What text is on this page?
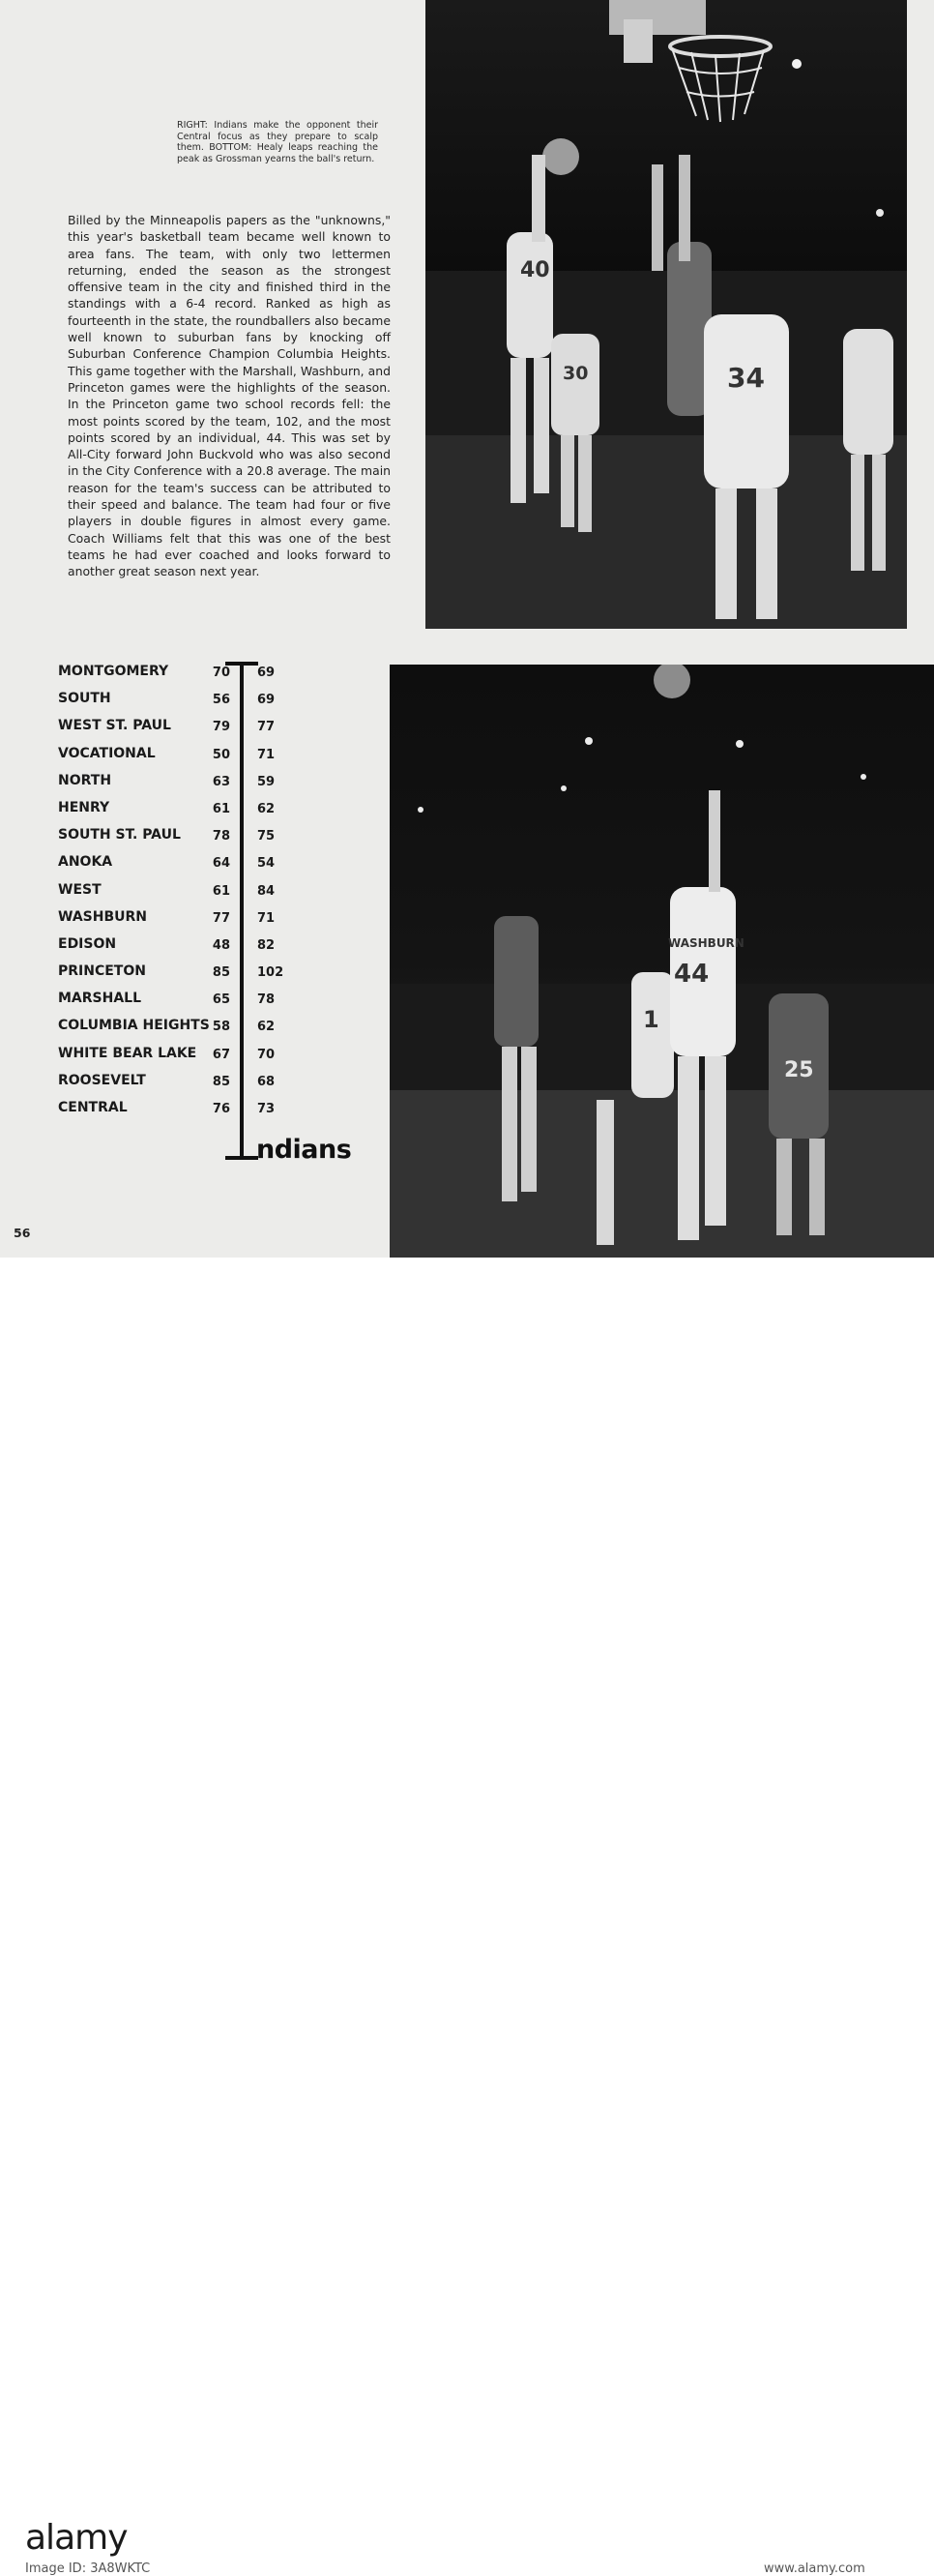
40
30	34
1
WASHBURN
44
25
RIGHT: Indians make the opponent their Central focus as they prepare to scalp them. BOTTOM: Healy leaps reaching the peak as Grossman yearns the ball's return.
Billed by the Minneapolis papers as the "unknowns," this year's basketball team became well known to area fans. The team, with only two lettermen returning, ended the season as the strongest offensive team in the city and finished third in the standings with a 6-4 record. Ranked as high as fourteenth in the state, the roundballers also became well known to suburban fans by knocking off Suburban Conference Champion Columbia Heights. This game together with the Marshall, Washburn, and Princeton games were the highlights of the season. In the Princeton game two school records fell: the most points scored by the team, 102, and the most points scored by an individual, 44. This was set by All-City forward John Buckvold who was also second in the City Conference with a 20.8 average. The main reason for the team's success can be attributed to their speed and balance. The team had four or five players in double figures in almost every game. Coach Williams felt that this was one of the best teams he had ever coached and looks forward to another great season next year.
MONTGOMERY	70 69
SOUTH	56 69
WEST ST. PAUL	79 77
VOCATIONAL	50 71
NORTH	63 59
HENRY	61 62
SOUTH ST. PAUL	78 75
ANOKA	64 54
WEST	61 84
WASHBURN	77 71
EDISON	48 82
PRINCETON	85 102
MARSHALL	65 78
COLUMBIA HEIGHTS 58 62
WHITE BEAR LAKE 67 70
ROOSEVELT	85 68
CENTRAL	76 73
ndians
56
alamy
Image ID: 3A8WKTC	www.alamy.com
